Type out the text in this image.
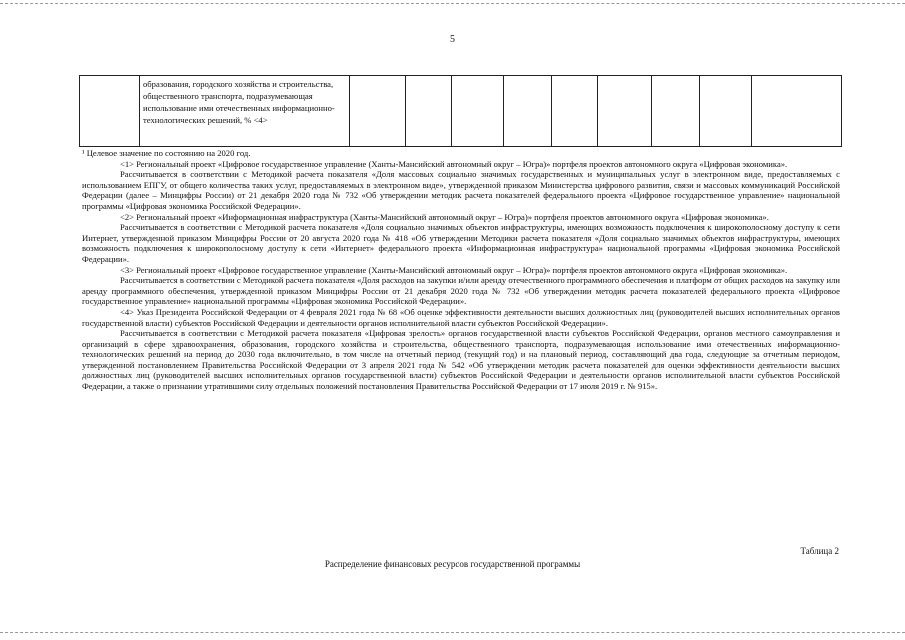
5
	образования, городского хозяйства и строительства, общественного транспорта, подразумевающая использование ими отечественных информационно-технологических решений, % <4>									

¹ Целевое значение по состоянию на 2020 год.

<1> Региональный проект «Цифровое государственное управление (Ханты-Мансийский автономный округ – Югра)» портфеля проектов автономного округа «Цифровая экономика».

Рассчитывается в соответствии с Методикой расчета показателя «Доля массовых социально значимых государственных и муниципальных услуг в электронном виде, предоставляемых с использованием ЕПГУ, от общего количества таких услуг, предоставляемых в электронном виде», утвержденной приказом Министерства цифрового развития, связи и массовых коммуникаций Российской Федерации (далее – Минцифры России) от 21 декабря 2020 года № 732 «Об утверждении методик расчета показателей федерального проекта «Цифровое государственное управление» национальной программы «Цифровая экономика Российской Федерации».

<2> Региональный проект «Информационная инфраструктура (Ханты-Мансийский автономный округ – Югра)» портфеля проектов автономного округа «Цифровая экономика».

Рассчитывается в соответствии с Методикой расчета показателя «Доля социально значимых объектов инфраструктуры, имеющих возможность подключения к широкополосному доступу к сети Интернет, утвержденной приказом Минцифры России от 20 августа 2020 года № 418 «Об утверждении Методики расчета показателя «Доля социально значимых объектов инфраструктуры, имеющих возможность подключения к широкополосному доступу к сети «Интернет» федерального проекта «Информационная инфраструктура» национальной программы «Цифровая экономика Российской Федерации».

<3> Региональный проект «Цифровое государственное управление (Ханты-Мансийский автономный округ – Югра)» портфеля проектов автономного округа «Цифровая экономика».

Рассчитывается в соответствии с Методикой расчета показателя «Доля расходов на закупки и/или аренду отечественного программного обеспечения и платформ от общих расходов на закупку или аренду программного обеспечения, утвержденной приказом Минцифры России от 21 декабря 2020 года № 732 «Об утверждении методик расчета показателей федерального проекта «Цифровое государственное управление» национальной программы «Цифровая экономика Российской Федерации».

<4> Указ Президента Российской Федерации от 4 февраля 2021 года № 68 «Об оценке эффективности деятельности высших должностных лиц (руководителей высших исполнительных органов государственной власти) субъектов Российской Федерации и деятельности органов исполнительной власти субъектов Российской Федерации».

Рассчитывается в соответствии с Методикой расчета показателя «Цифровая зрелость» органов государственной власти субъектов Российской Федерации, органов местного самоуправления и организаций в сфере здравоохранения, образования, городского хозяйства и строительства, общественного транспорта, подразумевающая использование ими отечественных информационно-технологических решений на период до 2030 года включительно, в том числе на отчетный период (текущий год) и на плановый период, составляющий два года, следующие за отчетным периодом, утвержденной постановлением Правительства Российской Федерации от 3 апреля 2021 года № 542 «Об утверждении методик расчета показателей для оценки эффективности деятельности высших должностных лиц (руководителей высших исполнительных органов государственной власти) субъектов Российской Федерации и деятельности органов исполнительной власти субъектов Российской Федерации, а также о признании утратившими силу отдельных положений постановления Правительства Российской Федерации от 17 июля 2019 г. № 915».

Таблица 2
Распределение финансовых ресурсов государственной программы
